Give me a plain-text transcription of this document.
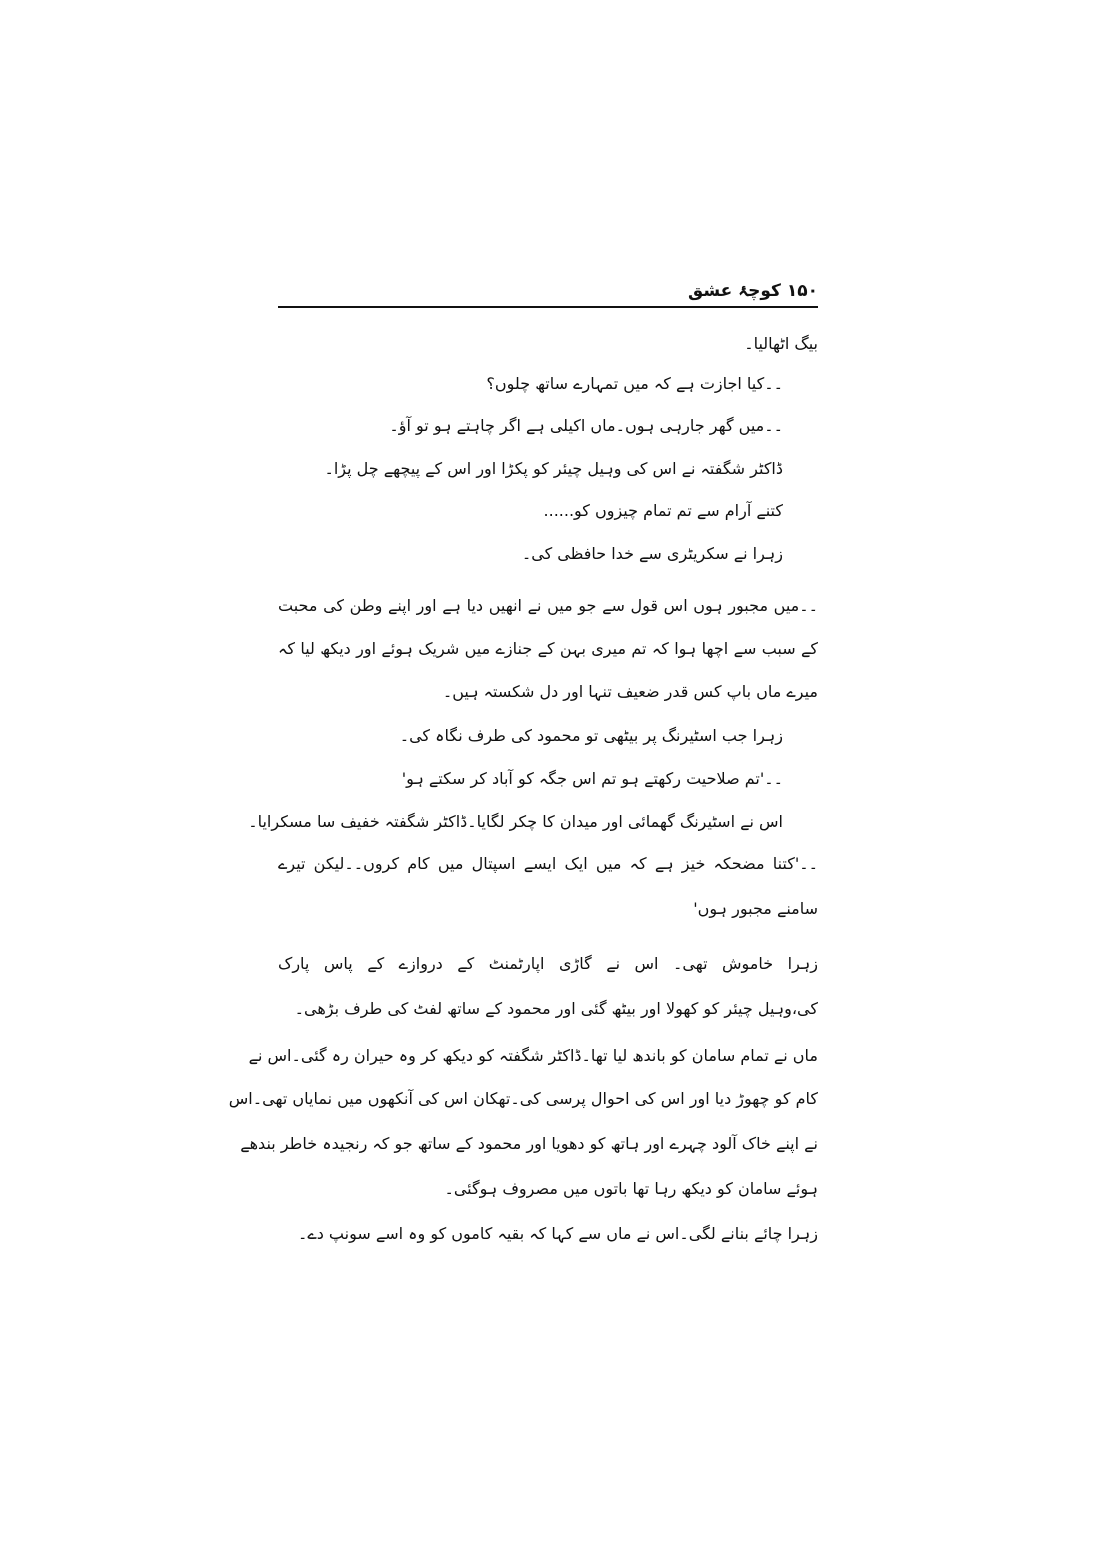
۱۵۰ کوچۂ عشق
بیگ اٹھالیا۔
۔۔کیا اجازت ہے کہ میں تمہارے ساتھ چلوں؟
۔۔میں گھر جارہی ہوں۔ماں اکیلی ہے اگر چاہتے ہو تو آؤ۔
ڈاکٹر شگفتہ نے اس کی وہیل چیئر کو پکڑا اور اس کے پیچھے چل پڑا۔
کتنے آرام سے تم تمام چیزوں کو......
زہرا نے سکریٹری سے خدا حافظی کی۔
۔۔میں مجبور ہوں اس قول سے جو میں نے انھیں دیا ہے اور اپنے وطن کی محبت
کے سبب سے اچھا ہوا کہ تم میری بہن کے جنازے میں شریک ہوئے اور دیکھ لیا کہ
میرے ماں باپ کس قدر ضعیف تنہا اور دل شکستہ ہیں۔
زہرا جب اسٹیرنگ پر بیٹھی تو محمود کی طرف نگاہ کی۔
۔۔'تم صلاحیت رکھتے ہو تم اس جگہ کو آباد کر سکتے ہو'
اس نے اسٹیرنگ گھمائی اور میدان کا چکر لگایا۔ڈاکٹر شگفتہ خفیف سا مسکرایا۔
۔۔'کتنا مضحکہ خیز ہے کہ میں ایک ایسے اسپتال میں کام کروں۔۔لیکن تیرے
سامنے مجبور ہوں'
زہرا خاموش تھی۔ اس نے گاڑی اپارٹمنٹ کے دروازے کے پاس پارک
کی،وہیل چیئر کو کھولا اور بیٹھ گئی اور محمود کے ساتھ لفٹ کی طرف بڑھی۔
ماں نے تمام سامان کو باندھ لیا تھا۔ڈاکٹر شگفتہ کو دیکھ کر وہ حیران رہ گئی۔اس نے
کام کو چھوڑ دیا اور اس کی احوال پرسی کی۔تھکان اس کی آنکھوں میں نمایاں تھی۔اس
نے اپنے خاک آلود چہرے اور ہاتھ کو دھویا اور محمود کے ساتھ جو کہ رنجیدہ خاطر بندھے
ہوئے سامان کو دیکھ رہا تھا باتوں میں مصروف ہوگئی۔
زہرا چائے بنانے لگی۔اس نے ماں سے کہا کہ بقیہ کاموں کو وہ اسے سونپ دے۔
